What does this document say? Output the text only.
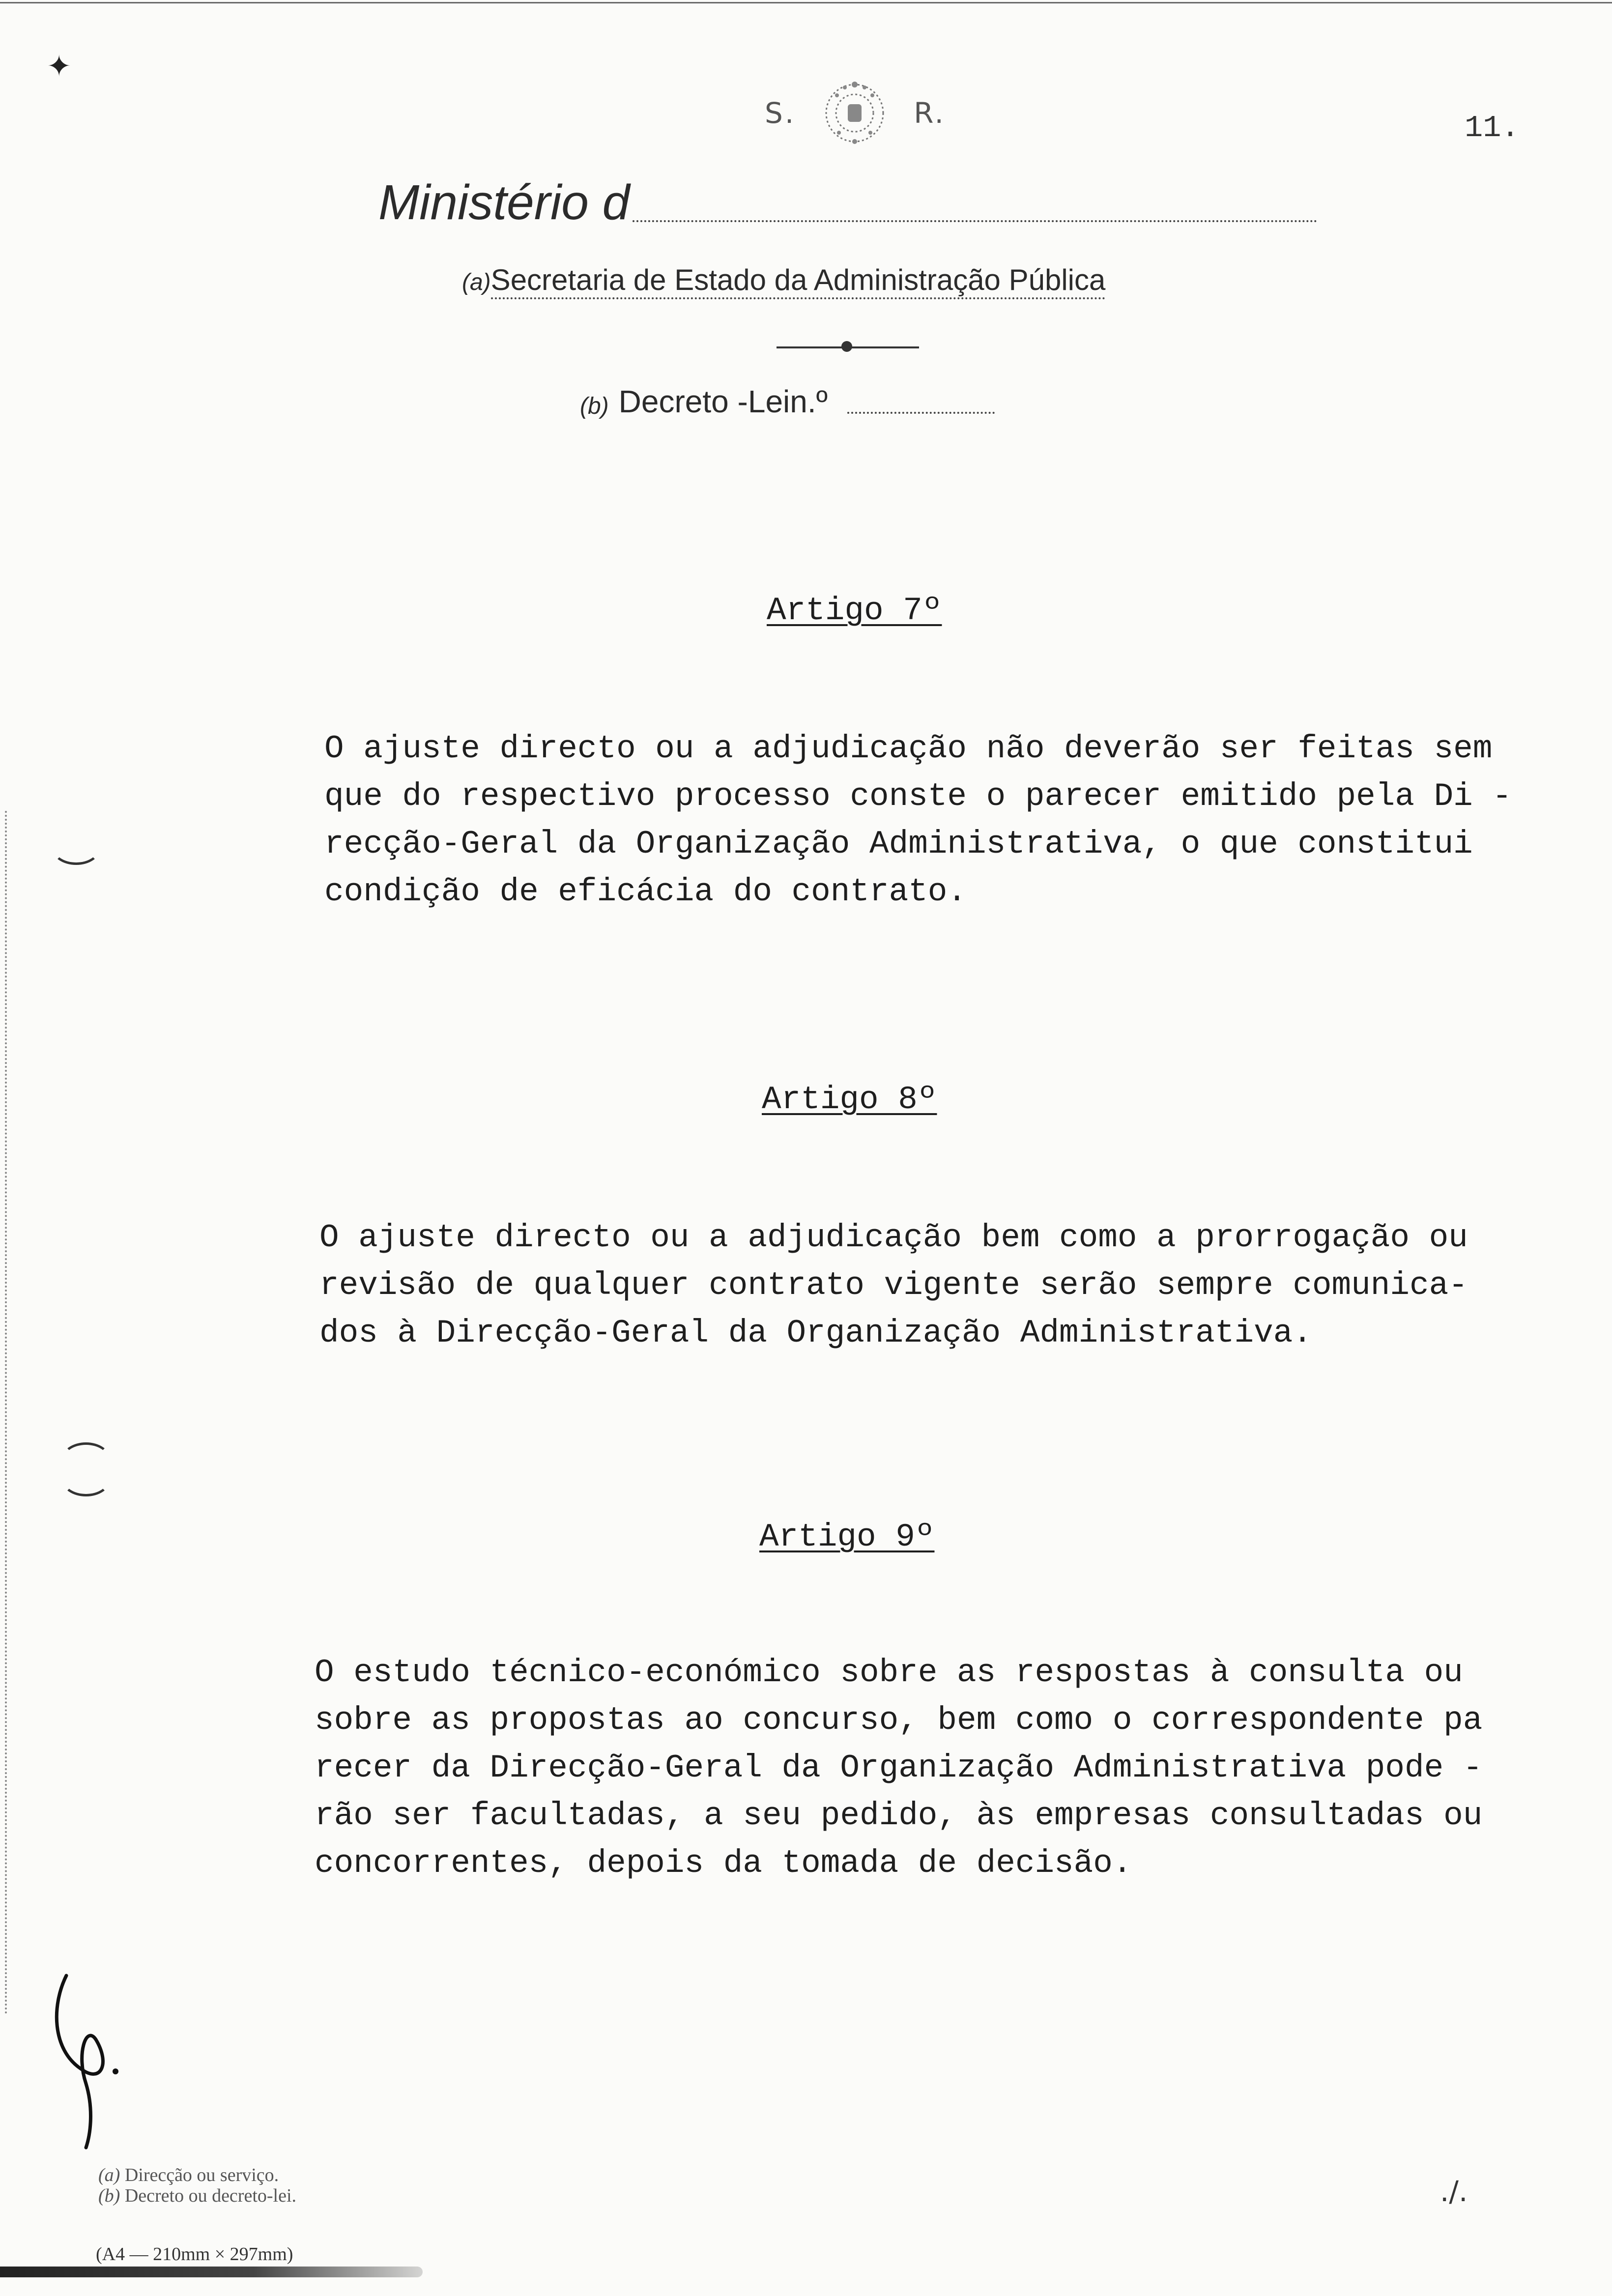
S.	R.	11.
Ministério d
(a)Secretaria de Estado da Administração Pública
(b) Decreto -Lein.º
Artigo 7º
O ajuste directo ou a adjudicação não deverão ser feitas sem
que do respectivo processo conste o parecer emitido pela Di -
recção-Geral da Organização Administrativa, o que constitui
condição de eficácia do contrato.
Artigo 8º
O ajuste directo ou a adjudicação bem como a prorrogação ou
revisão de qualquer contrato vigente serão sempre comunica-
dos à Direcção-Geral da Organização Administrativa.
Artigo 9º
O estudo técnico-económico sobre as respostas à consulta ou
sobre as propostas ao concurso, bem como o correspondente pa
recer da Direcção-Geral da Organização Administrativa pode -
rão ser facultadas, a seu pedido, às empresas consultadas ou
concorrentes, depois da tomada de decisão.
✦
(a) Direcção ou serviço.
(b) Decreto ou decreto-lei.
(A4 — 210mm × 297mm)
./.
